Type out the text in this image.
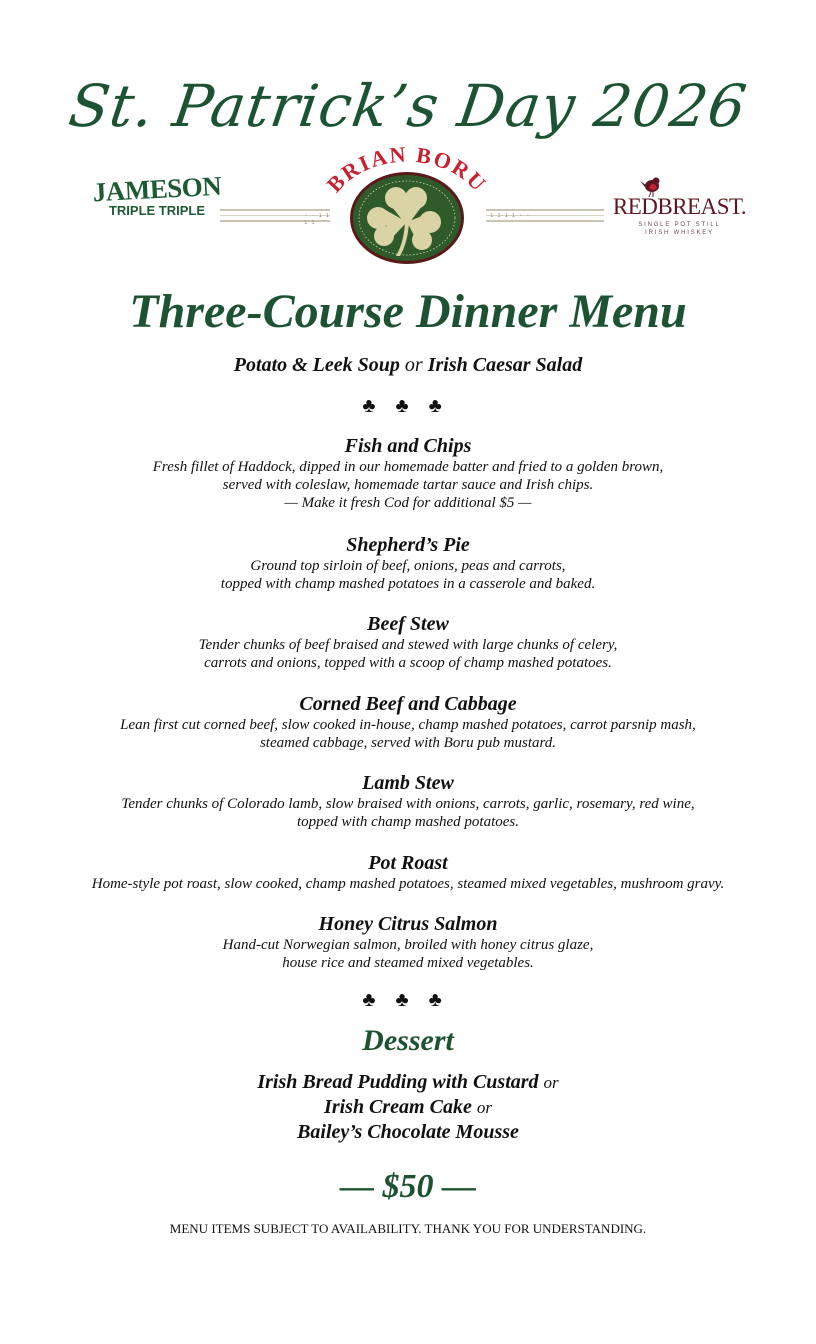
St. Patrick’s Day 2026
JAMESON
TRIPLE TRIPLE	· · ı ı ı ı
ı ı ı ı · ·
BRIAN BORU
REDBREAST.
SINGLE POT STILL
IRISH WHISKEY
Three-Course Dinner Menu
Potato & Leek Soup or Irish Caesar Salad
♣ ♣ ♣
Fish and Chips
Fresh fillet of Haddock, dipped in our homemade batter and fried to a golden brown,
served with coleslaw, homemade tartar sauce and Irish chips.
— Make it fresh Cod for additional $5 —
Shepherd’s Pie
Ground top sirloin of beef, onions, peas and carrots,
topped with champ mashed potatoes in a casserole and baked.
Beef Stew
Tender chunks of beef braised and stewed with large chunks of celery,
carrots and onions, topped with a scoop of champ mashed potatoes.
Corned Beef and Cabbage
Lean first cut corned beef, slow cooked in-house, champ mashed potatoes, carrot parsnip mash,
steamed cabbage, served with Boru pub mustard.
Lamb Stew
Tender chunks of Colorado lamb, slow braised with onions, carrots, garlic, rosemary, red wine,
topped with champ mashed potatoes.
Pot Roast
Home-style pot roast, slow cooked, champ mashed potatoes, steamed mixed vegetables, mushroom gravy.
Honey Citrus Salmon
Hand-cut Norwegian salmon, broiled with honey citrus glaze,
house rice and steamed mixed vegetables.
♣ ♣ ♣
Dessert
Irish Bread Pudding with Custard or
Irish Cream Cake or
Bailey’s Chocolate Mousse
— $50 —
MENU ITEMS SUBJECT TO AVAILABILITY. THANK YOU FOR UNDERSTANDING.
